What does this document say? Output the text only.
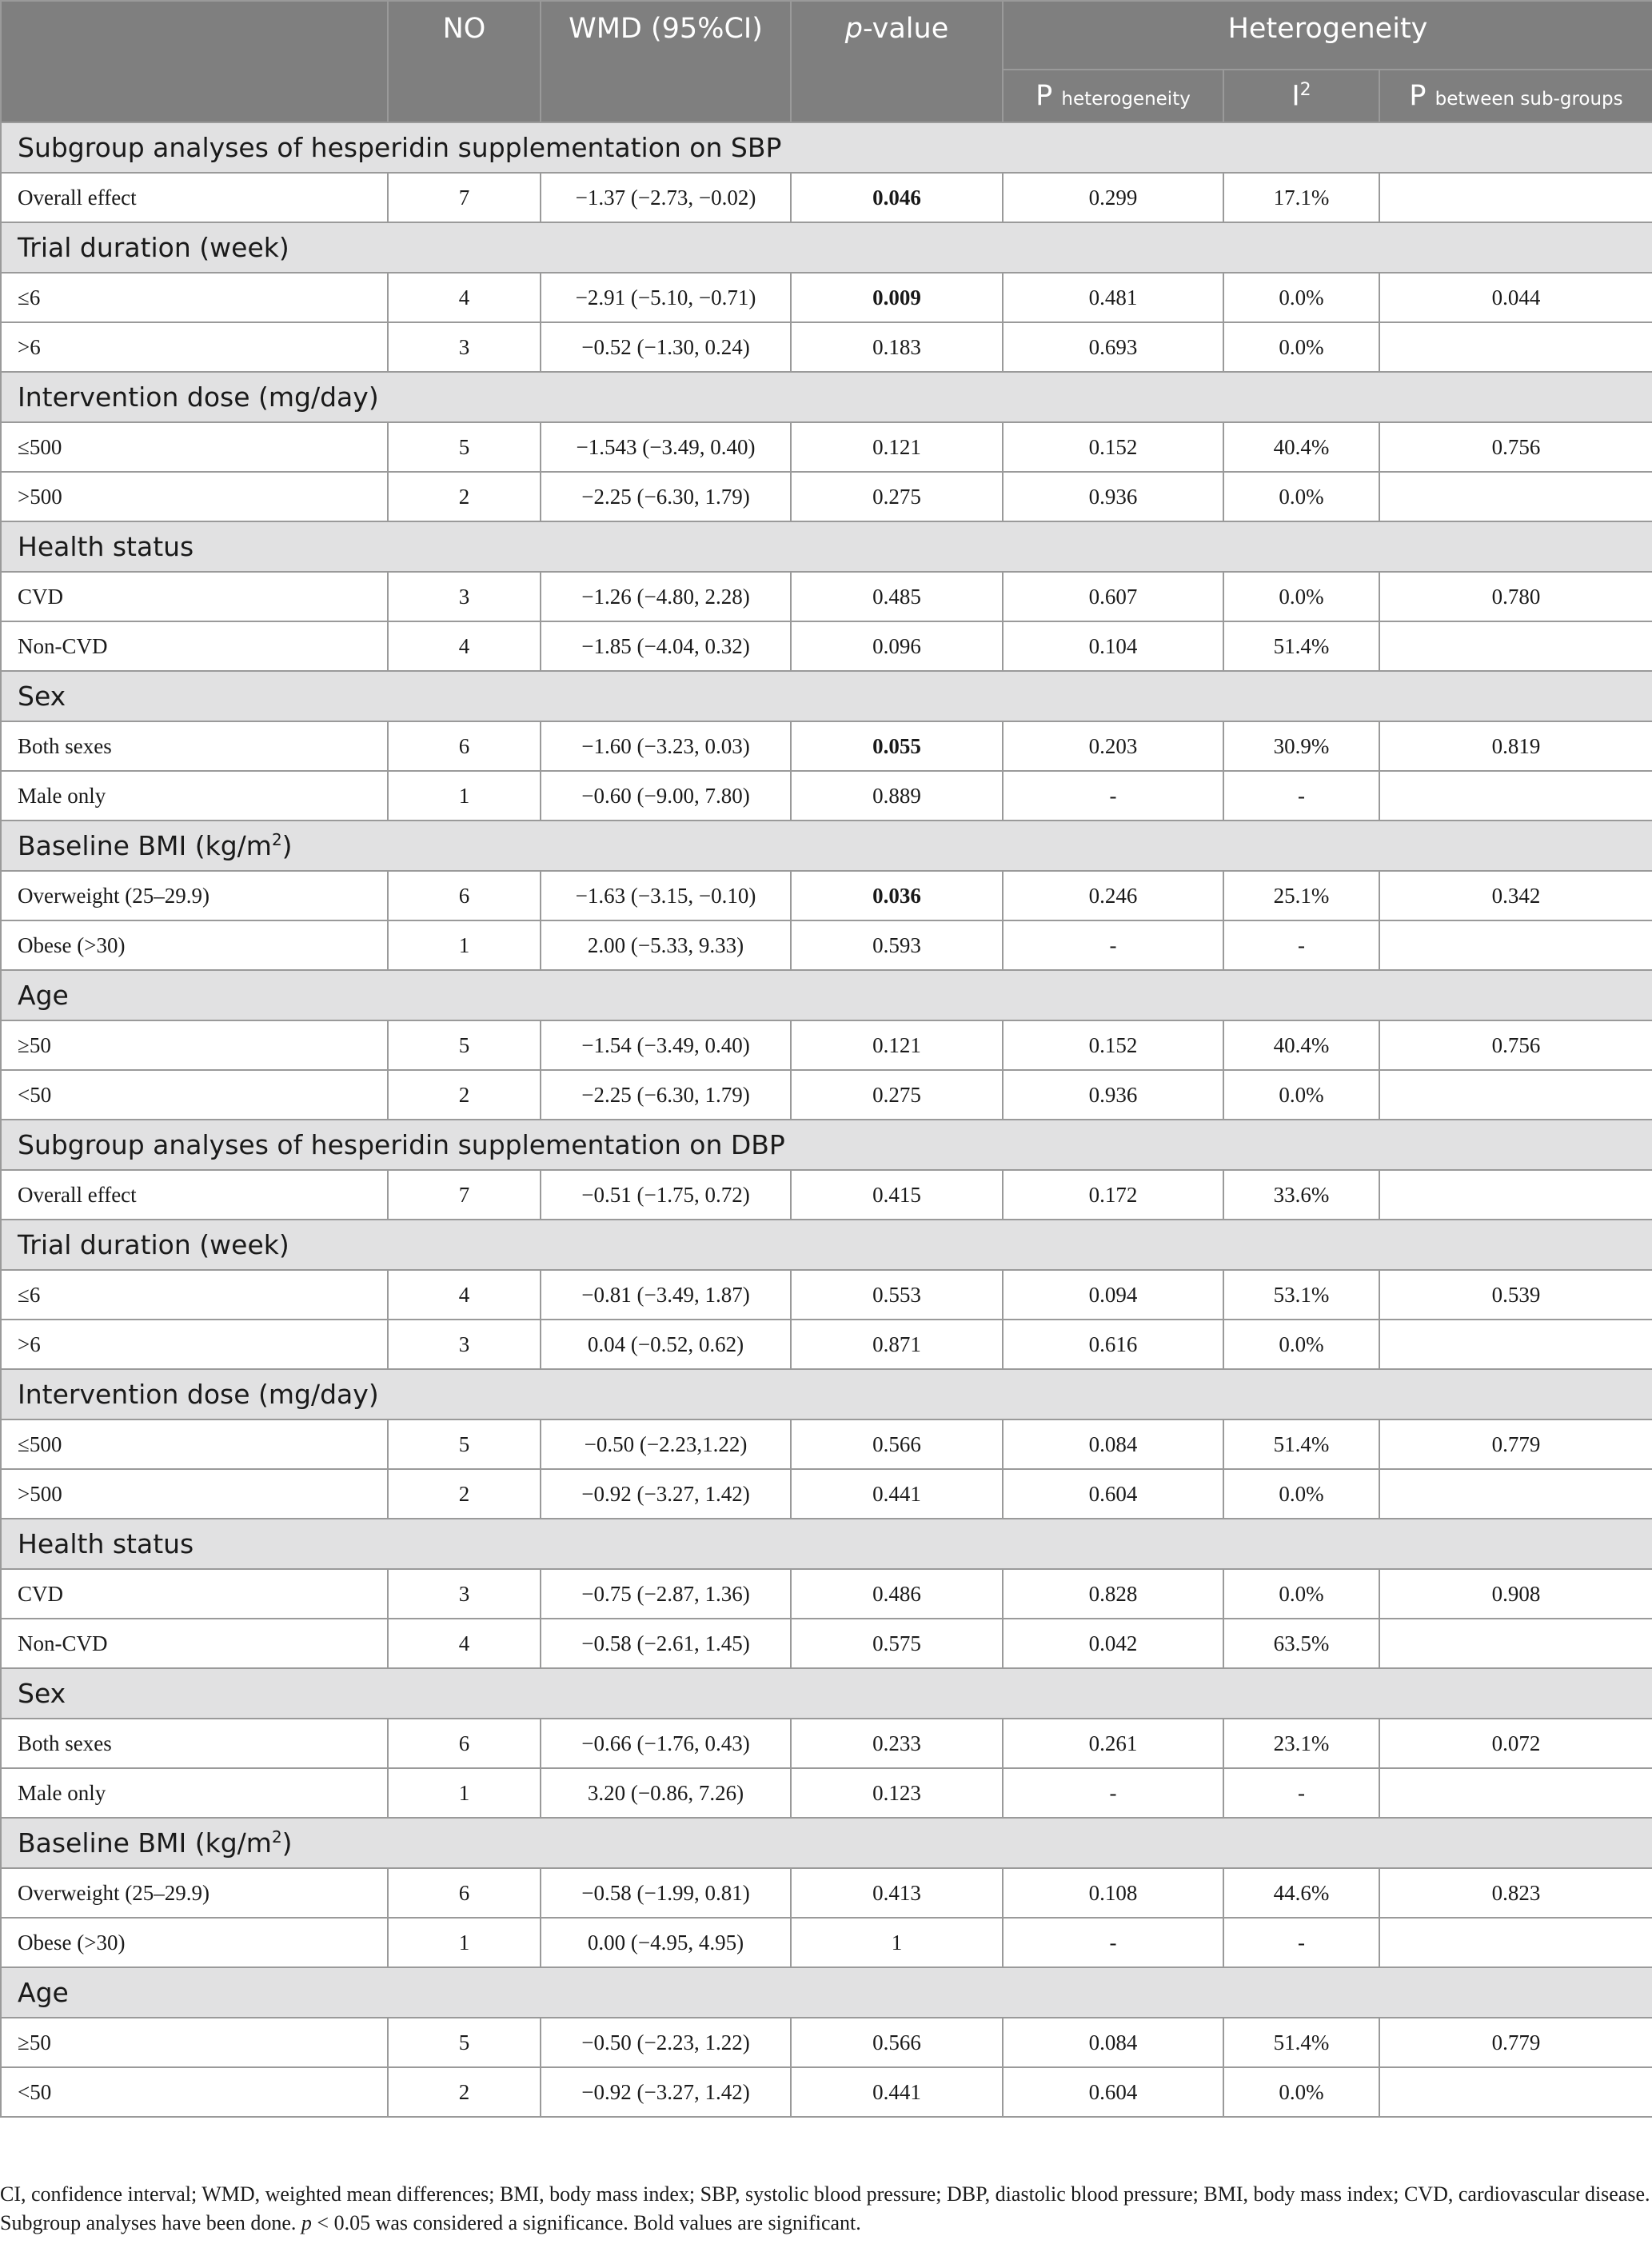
	NO	WMD (95%CI)	p-value	Heterogeneity		
				P heterogeneity	$I^2$	P between sub-groups
Subgroup analyses of hesperidin supplementation on SBP						
Overall effect	7	−1.37 (−2.73, −0.02)	0.046	0.299	17.1%	
Trial duration (week)						
≤6	4	−2.91 (−5.10, −0.71)	0.009	0.481	0.0%	0.044
>6	3	−0.52 (−1.30, 0.24)	0.183	0.693	0.0%	
Intervention dose (mg/day)						
≤500	5	−1.543 (−3.49, 0.40)	0.121	0.152	40.4%	0.756
>500	2	−2.25 (−6.30, 1.79)	0.275	0.936	0.0%	
Health status						
CVD	3	−1.26 (−4.80, 2.28)	0.485	0.607	0.0%	0.780
Non-CVD	4	−1.85 (−4.04, 0.32)	0.096	0.104	51.4%	
Sex						
Both sexes	6	−1.60 (−3.23, 0.03)	0.055	0.203	30.9%	0.819
Male only	1	−0.60 (−9.00, 7.80)	0.889	-	-	
Baseline BMI $(kg/m^2)$						
Overweight (25–29.9)	6	−1.63 (−3.15, −0.10)	0.036	0.246	25.1%	0.342
Obese (>30)	1	2.00 (−5.33, 9.33)	0.593	-	-	
Age						
≥50	5	−1.54 (−3.49, 0.40)	0.121	0.152	40.4%	0.756
<50	2	−2.25 (−6.30, 1.79)	0.275	0.936	0.0%	
Subgroup analyses of hesperidin supplementation on DBP						
Overall effect	7	−0.51 (−1.75, 0.72)	0.415	0.172	33.6%	
Trial duration (week)						
≤6	4	−0.81 (−3.49, 1.87)	0.553	0.094	53.1%	0.539
>6	3	0.04 (−0.52, 0.62)	0.871	0.616	0.0%	
Intervention dose (mg/day)						
≤500	5	−0.50 (−2.23,1.22)	0.566	0.084	51.4%	0.779
>500	2	−0.92 (−3.27, 1.42)	0.441	0.604	0.0%	
Health status						
CVD	3	−0.75 (−2.87, 1.36)	0.486	0.828	0.0%	0.908
Non-CVD	4	−0.58 (−2.61, 1.45)	0.575	0.042	63.5%	
Sex						
Both sexes	6	−0.66 (−1.76, 0.43)	0.233	0.261	23.1%	0.072
Male only	1	3.20 (−0.86, 7.26)	0.123	-	-	
Baseline BMI $(kg/m^2)$						
Overweight (25–29.9)	6	−0.58 (−1.99, 0.81)	0.413	0.108	44.6%	0.823
Obese (>30)	1	0.00 (−4.95, 4.95)	1	-	-	
Age						
≥50	5	−0.50 (−2.23, 1.22)	0.566	0.084	51.4%	0.779
<50	2	−0.92 (−3.27, 1.42)	0.441	0.604	0.0%	
CI, confidence interval; WMD, weighted mean differences; BMI, body mass index; SBP, systolic blood pressure; DBP, diastolic blood pressure; BMI, body mass index; CVD, cardiovascular disease. Subgroup analyses have been done. p < 0.05 was considered a significance. Bold values are significant.
